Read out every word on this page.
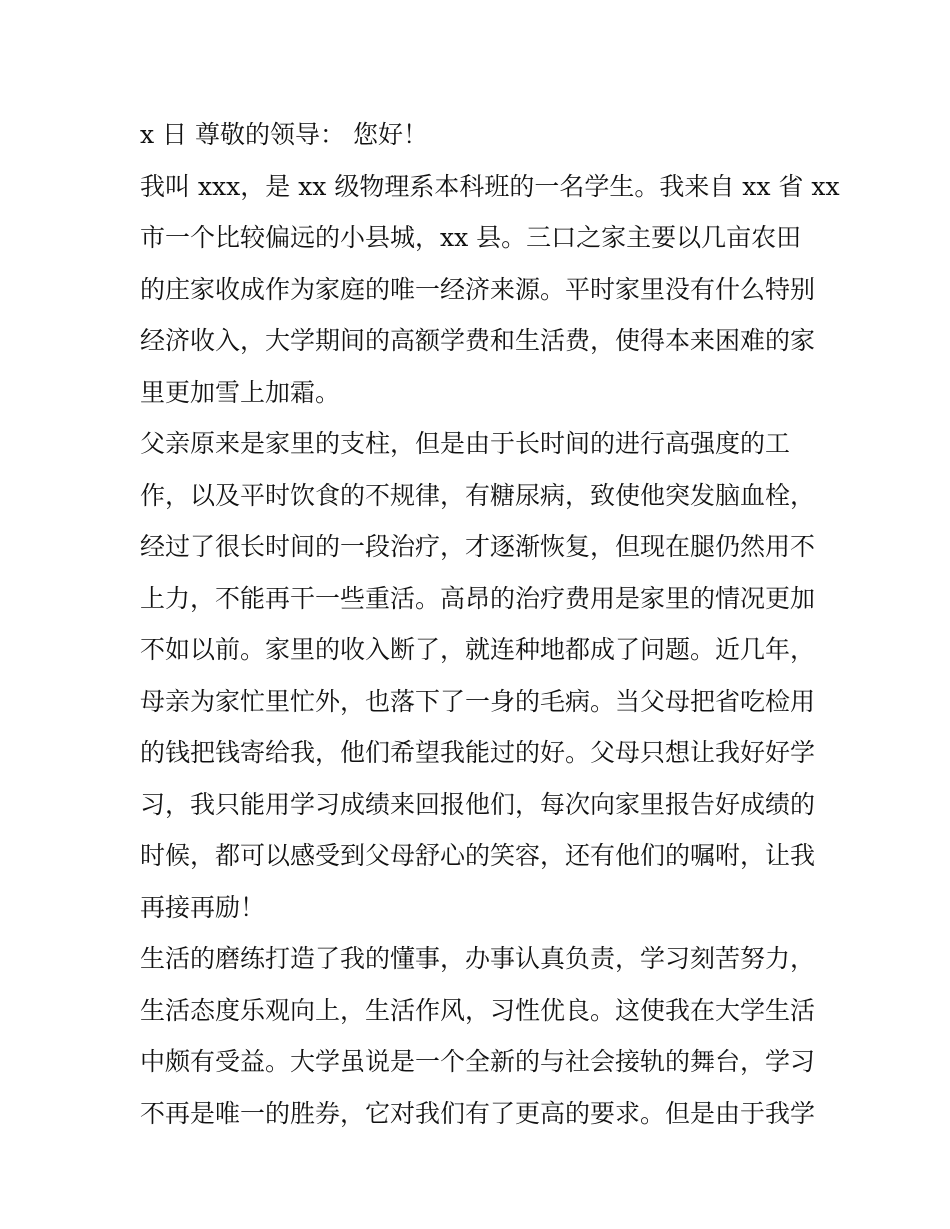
x 日 尊敬的领导： 您好！
我叫 xxx，是 xx 级物理系本科班的一名学生。我来自 xx 省 xx
市一个比较偏远的小县城，xx 县。三口之家主要以几亩农田
的庄家收成作为家庭的唯一经济来源。平时家里没有什么特别
经济收入，大学期间的高额学费和生活费，使得本来困难的家
里更加雪上加霜。
父亲原来是家里的支柱，但是由于长时间的进行高强度的工
作，以及平时饮食的不规律，有糖尿病，致使他突发脑血栓，
经过了很长时间的一段治疗，才逐渐恢复，但现在腿仍然用不
上力，不能再干一些重活。高昂的治疗费用是家里的情况更加
不如以前。家里的收入断了，就连种地都成了问题。近几年，
母亲为家忙里忙外，也落下了一身的毛病。当父母把省吃检用
的钱把钱寄给我，他们希望我能过的好。父母只想让我好好学
习，我只能用学习成绩来回报他们，每次向家里报告好成绩的
时候，都可以感受到父母舒心的笑容，还有他们的嘱咐，让我
再接再励！
生活的磨练打造了我的懂事，办事认真负责，学习刻苦努力，
生活态度乐观向上，生活作风，习性优良。这使我在大学生活
中颇有受益。大学虽说是一个全新的与社会接轨的舞台，学习
不再是唯一的胜券，它对我们有了更高的要求。但是由于我学
